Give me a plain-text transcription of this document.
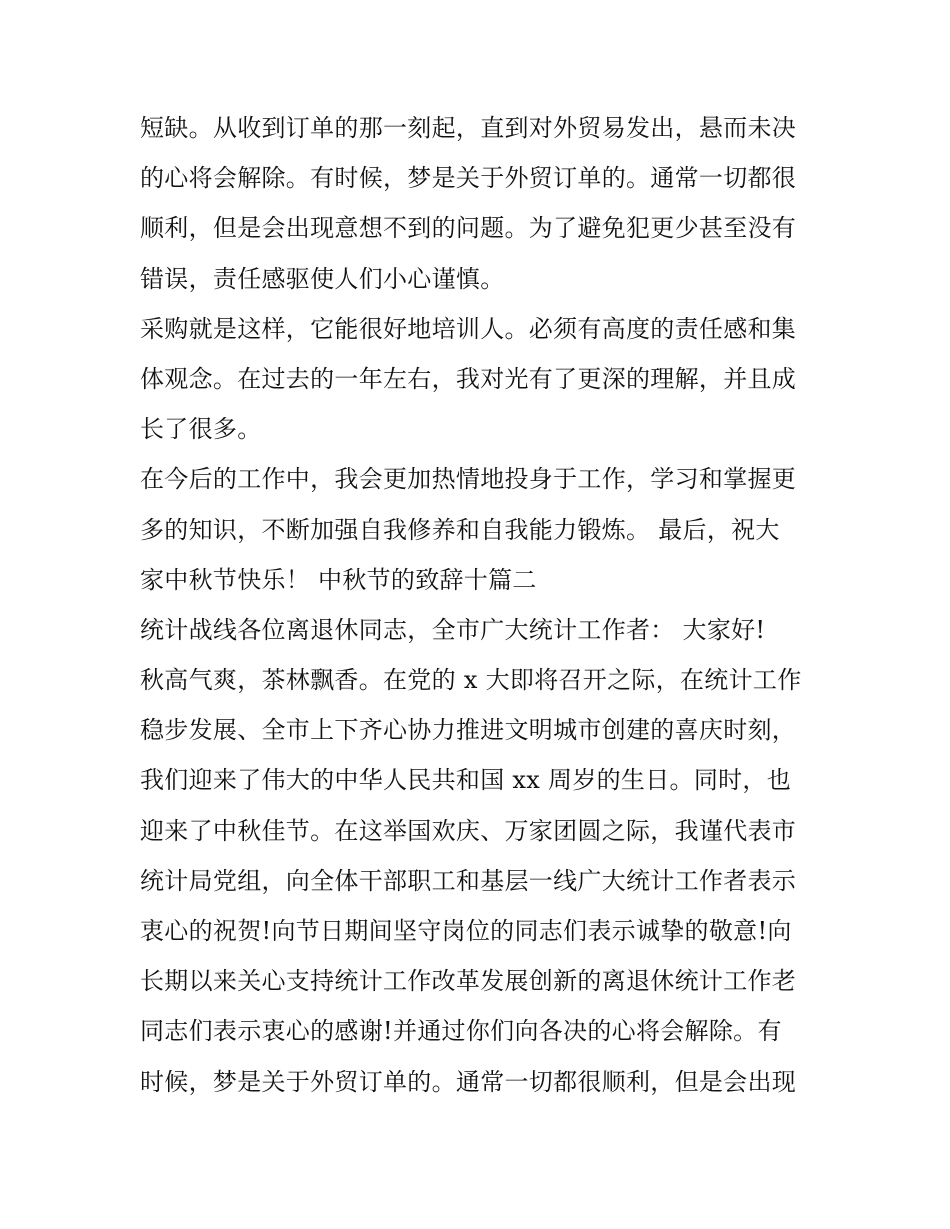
短缺。从收到订单的那一刻起，直到对外贸易发出，悬而未决
的心将会解除。有时候，梦是关于外贸订单的。通常一切都很
顺利，但是会出现意想不到的问题。为了避免犯更少甚至没有
错误，责任感驱使人们小心谨慎。
采购就是这样，它能很好地培训人。必须有高度的责任感和集
体观念。在过去的一年左右，我对光有了更深的理解，并且成
长了很多。
在今后的工作中，我会更加热情地投身于工作，学习和掌握更
多的知识，不断加强自我修养和自我能力锻炼。 最后，祝大
家中秋节快乐！ 中秋节的致辞十篇二
统计战线各位离退休同志，全市广大统计工作者： 大家好!
秋高气爽，茶林飘香。在党的 x 大即将召开之际，在统计工作
稳步发展、全市上下齐心协力推进文明城市创建的喜庆时刻，
我们迎来了伟大的中华人民共和国 xx 周岁的生日。同时，也
迎来了中秋佳节。在这举国欢庆、万家团圆之际，我谨代表市
统计局党组，向全体干部职工和基层一线广大统计工作者表示
衷心的祝贺!向节日期间坚守岗位的同志们表示诚挚的敬意!向
长期以来关心支持统计工作改革发展创新的离退休统计工作老
同志们表示衷心的感谢!并通过你们向各决的心将会解除。有
时候，梦是关于外贸订单的。通常一切都很顺利，但是会出现
